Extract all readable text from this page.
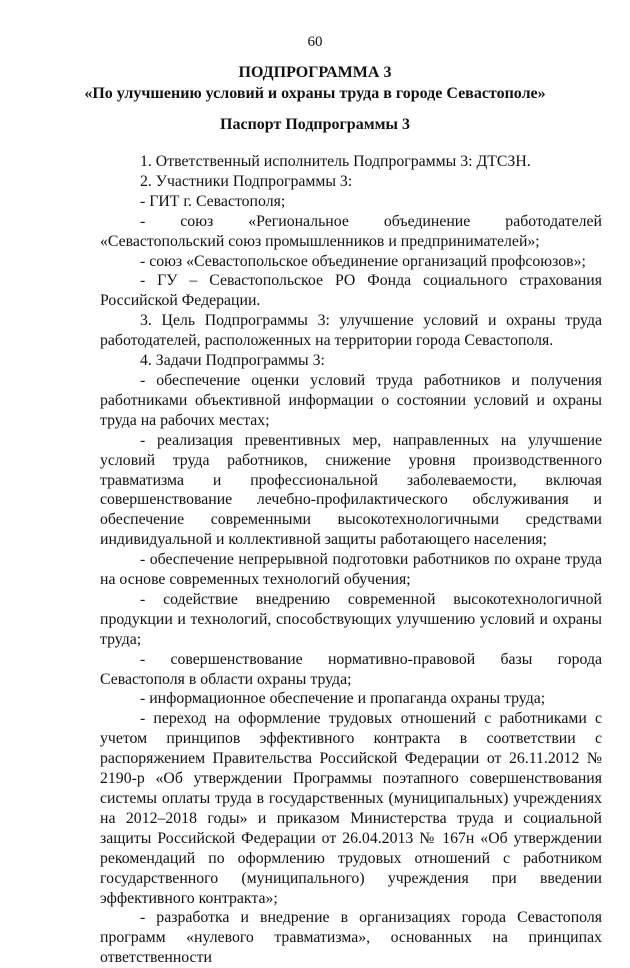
60
ПОДПРОГРАММА 3
«По улучшению условий и охраны труда в городе Севастополе»
Паспорт Подпрограммы 3

1. Ответственный исполнитель Подпрограммы 3: ДТСЗН.

2. Участники Подпрограммы 3:

- ГИТ г. Севастополя;

- союз «Региональное объединение работодателей «Севастопольский союз промышленников и предпринимателей»;

- союз «Севастопольское объединение организаций профсоюзов»;

- ГУ – Севастопольское РО Фонда социального страхования Российской Федерации.

3. Цель Подпрограммы 3: улучшение условий и охраны труда работодателей, расположенных на территории города Севастополя.

4. Задачи Подпрограммы 3:

- обеспечение оценки условий труда работников и получения работниками объективной информации о состоянии условий и охраны труда на рабочих местах;

- реализация превентивных мер, направленных на улучшение условий труда работников, снижение уровня производственного травматизма и профессиональной заболеваемости, включая совершенствование лечебно-профилактического обслуживания и обеспечение современными высокотехнологичными средствами индивидуальной и коллективной защиты работающего населения;

- обеспечение непрерывной подготовки работников по охране труда на основе современных технологий обучения;

- содействие внедрению современной высокотехнологичной продукции и технологий, способствующих улучшению условий и охраны труда;

- совершенствование нормативно-правовой базы города Севастополя в области охраны труда;

- информационное обеспечение и пропаганда охраны труда;

- переход на оформление трудовых отношений с работниками с учетом принципов эффективного контракта в соответствии с распоряжением Правительства Российской Федерации от 26.11.2012 № 2190-р «Об утверждении Программы поэтапного совершенствования системы оплаты труда в государственных (муниципальных) учреждениях на 2012–2018 годы» и приказом Министерства труда и социальной защиты Российской Федерации от 26.04.2013 № 167н «Об утверждении рекомендаций по оформлению трудовых отношений с работником государственного (муниципального) учреждения при введении эффективного контракта»;

- разработка и внедрение в организациях города Севастополя программ «нулевого травматизма», основанных на принципах ответственности
